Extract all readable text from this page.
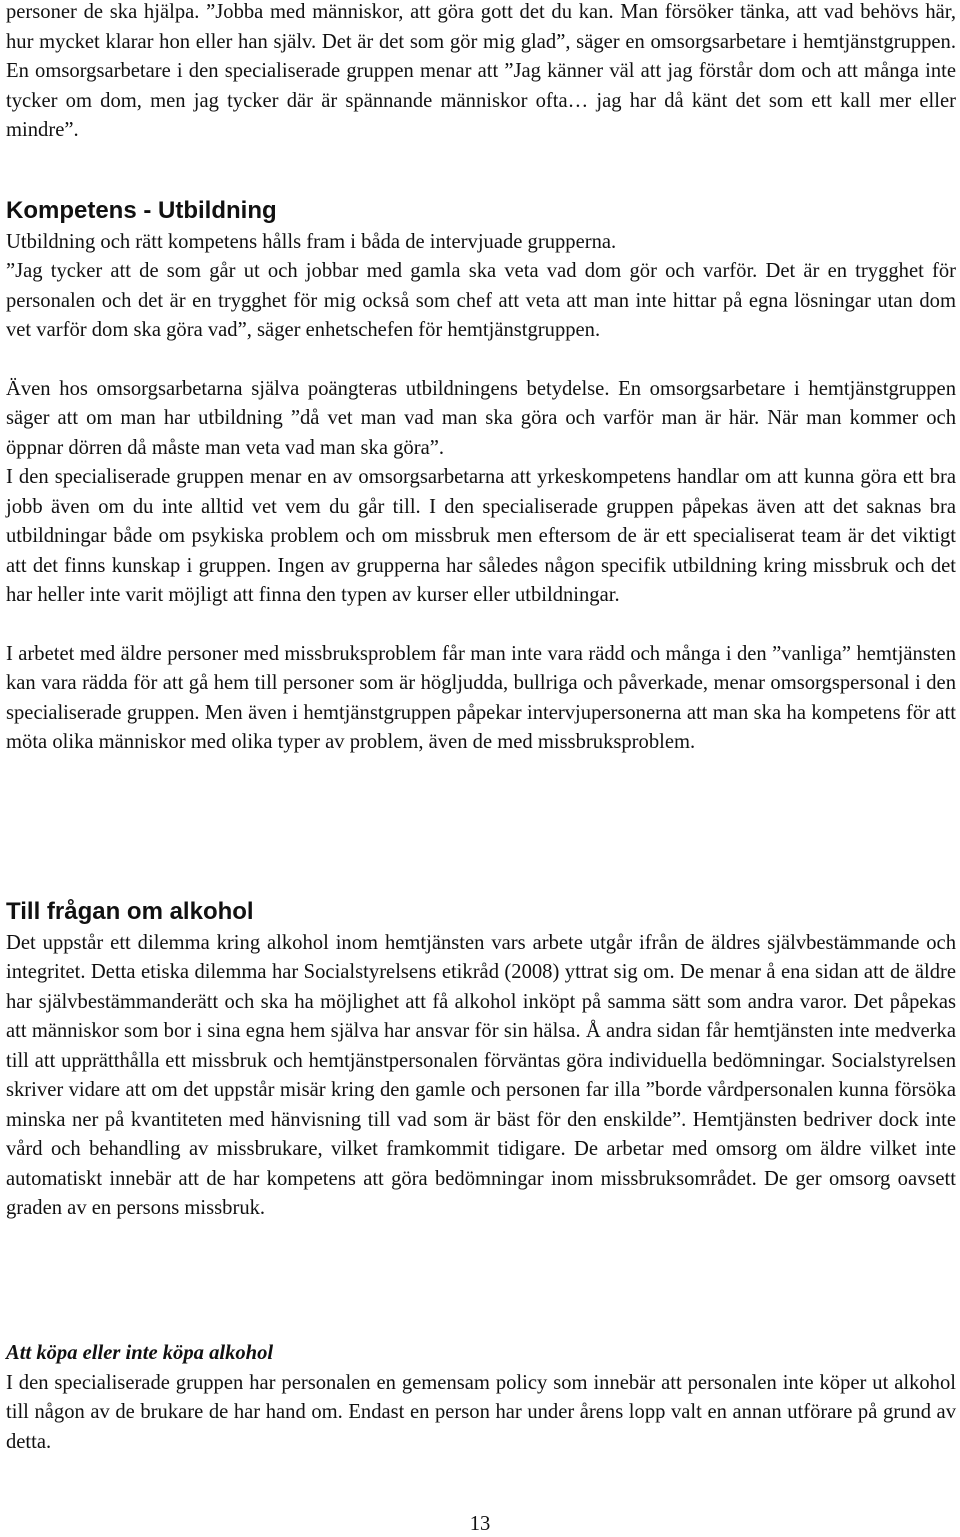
personer de ska hjälpa. ”Jobba med människor, att göra gott det du kan. Man försöker tänka, att vad behövs här, hur mycket klarar hon eller han själv. Det är det som gör mig glad”, säger en omsorgsarbetare i hemtjänstgruppen. En omsorgsarbetare i den specialiserade gruppen menar att ”Jag känner väl att jag förstår dom och att många inte tycker om dom, men jag tycker där är spännande människor ofta… jag har då känt det som ett kall mer eller mindre”.

Kompetens - Utbildning

Utbildning och rätt kompetens hålls fram i båda de intervjuade grupperna.

”Jag tycker att de som går ut och jobbar med gamla ska veta vad dom gör och varför. Det är en trygghet för personalen och det är en trygghet för mig också som chef att veta att man inte hittar på egna lösningar utan dom vet varför dom ska göra vad”, säger enhetschefen för hemtjänstgruppen.

Även hos omsorgsarbetarna själva poängteras utbildningens betydelse. En omsorgsarbetare i hemtjänstgruppen säger att om man har utbildning ”då vet man vad man ska göra och varför man är här. När man kommer och öppnar dörren då måste man veta vad man ska göra”.

I den specialiserade gruppen menar en av omsorgsarbetarna att yrkeskompetens handlar om att kunna göra ett bra jobb även om du inte alltid vet vem du går till. I den specialiserade gruppen påpekas även att det saknas bra utbildningar både om psykiska problem och om missbruk men eftersom de är ett specialiserat team är det viktigt att det finns kunskap i gruppen. Ingen av grupperna har således någon specifik utbildning kring missbruk och det har heller inte varit möjligt att finna den typen av kurser eller utbildningar.

I arbetet med äldre personer med missbruksproblem får man inte vara rädd och många i den ”vanliga” hemtjänsten kan vara rädda för att gå hem till personer som är högljudda, bullriga och påverkade, menar omsorgspersonal i den specialiserade gruppen. Men även i hemtjänstgruppen påpekar intervjupersonerna att man ska ha kompetens för att möta olika människor med olika typer av problem, även de med missbruksproblem.

Till frågan om alkohol

Det uppstår ett dilemma kring alkohol inom hemtjänsten vars arbete utgår ifrån de äldres självbestämmande och integritet. Detta etiska dilemma har Socialstyrelsens etikråd (2008) yttrat sig om. De menar å ena sidan att de äldre har självbestämmanderätt och ska ha möjlighet att få alkohol inköpt på samma sätt som andra varor. Det påpekas att människor som bor i sina egna hem själva har ansvar för sin hälsa. Å andra sidan får hemtjänsten inte medverka till att upprätthålla ett missbruk och hemtjänstpersonalen förväntas göra individuella bedömningar. Socialstyrelsen skriver vidare att om det uppstår misär kring den gamle och personen far illa ”borde vårdpersonalen kunna försöka minska ner på kvantiteten med hänvisning till vad som är bäst för den enskilde”. Hemtjänsten bedriver dock inte vård och behandling av missbrukare, vilket framkommit tidigare. De arbetar med omsorg om äldre vilket inte automatiskt innebär att de har kompetens att göra bedömningar inom missbruksområdet. De ger omsorg oavsett graden av en persons missbruk.

Att köpa eller inte köpa alkohol

I den specialiserade gruppen har personalen en gemensam policy som innebär att personalen inte köper ut alkohol till någon av de brukare de har hand om. Endast en person har under årens lopp valt en annan utförare på grund av detta.

13
